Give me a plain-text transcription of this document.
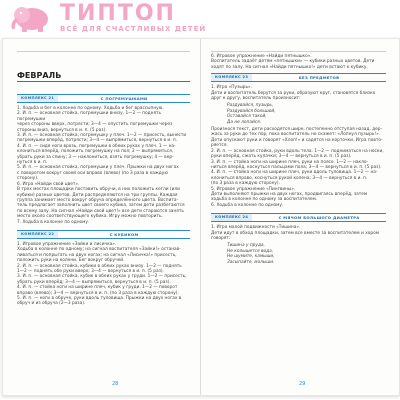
ТИПТОП
ВСЁ ДЛЯ СЧАСТЛИВЫХ ДЕТЕЙ
ФЕВРАЛЬ
КОМПЛЕКС 21	С ПОГРЕМУШКАМИ
1. Ходьба и бег в колонне по одному. Ходьба и бег врассыпную.
2. И. п. — основная стойка, погремушки внизу. 1—2 — поднять погремушки
через стороны вверх, потрясти; 3—4 — опустить погремушки через
стороны вниз, вернуться в и. п. (5 раз).
3. И. п. — основная стойка, погремушку у плеч. 1—2 — присесть, вынести
погремушки вперёд, потрясти; 3—4 — выпрямиться, вернуться в и. п.
4. И. п. — сидя ноги врозь, погремушки в обеих руках у плеч. 1 — на-
клониться вперёд, положить погремушку на пол; 2 — выпрямиться,
убрать руки за спину; 3 — наклониться, взять погремушку; 4 — вер-
нуться в и. п.
5. И. п. — основная стойка, погремушки у плеч. Прыжки на двух ногах
с поворотом вокруг своей оси вправо (влево) (по 3 раза в каждую сторону).
6. Игра «Найди свой цвет».
В трех местах площадки поставить обручи, в них положить кегли (или
кубики) разных цветов. Дети распределяются на три группы. Каждая
группа занимает место вокруг обруча определённого цвета. Воспита-
тель предлагает заполнить цвет своего кубика, затем дети разбегаются
по всему залу. На сигнал «Найди свой цвет!» все дети стараются занять
место около соответствующего кубика. Игру можно повторить.
7. Ходьба в колонне по одному.
КОМПЛЕКС 22	С КУБИКОМ
1. Игровое упражнение «Зайки и лисичка».
Ходьба в колонне по одному; на сигнал воспитателя «Зайки!» останав-
ливаться и попрыгать на двух ногах; на сигнал «Лисичка!» присесть,
положить руки на колени. Бег вокруг обручей.
2. И. п. — основная стойка, кубики в обеих руках внизу. 1—2 — поднять
1—2 — поднять обе руки вверх; 3—4 — вернуться в и. п. (5 раз).
3. И. п. — основная стойка, кубик в обеих руках у груди. 1—2 — присесть,
убрать руки вперёд; 3—4 — выпрямиться, вернуться в и. п. (5 раз).
4. И. п. — стойка ноги на ширине плеч, кубик у груди. 1—2 — поворот
вправо (влево); 3—4 — вернуться в и. п. (по 3 раза в каждую сторону).
5. И. п. — ноги в обруче, руки вдоль туловища. Прыжки на двух ногах в
обруч и из обруча (2—3 раза).
28
6. Игровое упражнение «Найди пятнышко».
Воспитатель задаёт детям «пятнышки» — кубики разных цветов. Дети
ходят по залу. На сигнал «Найди пятнышко!» дети встают к кубику.
КОМПЛЕКС 23	БЕЗ ПРЕДМЕТОВ
1. Игра «Пузырь».
Дети и воспитатель берутся за руки, образуют круг, становятся близко
друг к другу, воспитатель произносит:
Раздувайся, пузырь,
Раздувайся большой,
Оставайся такой,
Да не лопайся.
Произнося текст, дети расходятся шире, постепенно отступая назад, дер-
жась за руки до тех пор, пока воспитатель не скажет: «Лопнул пузырь!».
Дети опускают руки и говорят «Хлоп!» и садятся на корточки. Игра повто-
ряется.
2. И. п. — основная стойка, руки вдоль тела. 1—2 — подниматься на носки,
руки вперёд, сжать кулачки; 3—4 — вернуться в и. п. (5 раз).
3. И. п. — стойка ноги на ширине плеч, руки на поясе. 1—2 — накло-
ниться вперёд, коснуться пальцами пола; 3—4 — вернуться в и. п. (5 раз).
4. И. п. — стойка ноги на ширине плеч, руки вдоль туловища. 1—2 — на-
клониться вправо, коснуться рукой колена; 3—4 — вернуться в и. п.
(по 3 раза в каждую сторону).
5. Игровое упражнение «Пингвины».
Дети выполняют прыжки на двух ногах, продвигаясь вперёд, затем
ходьба в колонне по одному за воспитателем.
6. Ходьба в колонне по одному.
КОМПЛЕКС 24	С МЯЧОМ БОЛЬШОГО ДИАМЕТРА
1. Игра малой подвижности «Тишина».
Дети идут в обход площадки, затем все вместе за воспитателем и хором
говорят:
Тишина у пруда,
Не колышется вода,
Не шумите, камыши,
Засыпайте, малыши.
29
